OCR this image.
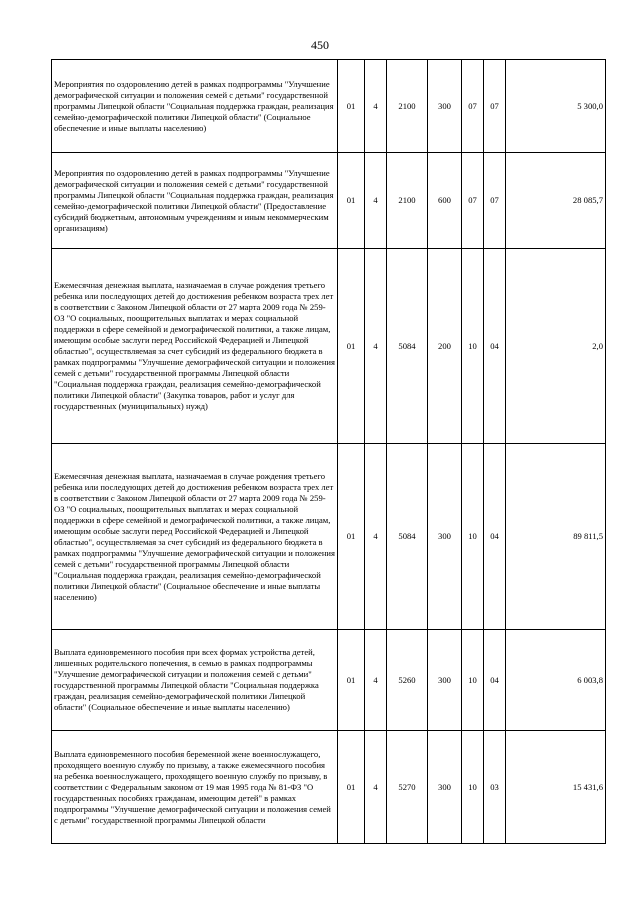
450
Мероприятия по оздоровлению детей в рамках подпрограммы "Улучшение демографической ситуации и положения семей с детьми" государственной программы Липецкой области "Социальная поддержка граждан, реализация семейно-демографической политики Липецкой области" (Социальное обеспечение и иные выплаты населению)	01	4	2100	300	07	07	5 300,0
Мероприятия по оздоровлению детей в рамках подпрограммы "Улучшение демографической ситуации и положения семей с детьми" государственной программы Липецкой области "Социальная поддержка граждан, реализация семейно-демографической политики Липецкой области" (Предоставление субсидий бюджетным, автономным учреждениям и иным некоммерческим организациям)	01	4	2100	600	07	07	28 085,7
Ежемесячная денежная выплата, назначаемая в случае рождения третьего ребенка или последующих детей до достижения ребенком возраста трех лет в соответствии с Законом Липецкой области от 27 марта 2009 года № 259-ОЗ "О социальных, поощрительных выплатах и мерах социальной поддержки в сфере семейной и демографической политики, а также лицам, имеющим особые заслуги перед Российской Федерацией и Липецкой областью", осуществляемая за счет субсидий из федерального бюджета в рамках подпрограммы "Улучшение демографической ситуации и положения семей с детьми" государственной программы Липецкой области "Социальная поддержка граждан, реализация семейно-демографической политики Липецкой области" (Закупка товаров, работ и услуг для государственных (муниципальных) нужд)	01	4	5084	200	10	04	2,0
Ежемесячная денежная выплата, назначаемая в случае рождения третьего ребенка или последующих детей до достижения ребенком возраста трех лет в соответствии с Законом Липецкой области от 27 марта 2009 года № 259-ОЗ "О социальных, поощрительных выплатах и мерах социальной поддержки в сфере семейной и демографической политики, а также лицам, имеющим особые заслуги перед Российской Федерацией и Липецкой областью", осуществляемая за счет субсидий из федерального бюджета в рамках подпрограммы "Улучшение демографической ситуации и положения семей с детьми" государственной программы Липецкой области "Социальная поддержка граждан, реализация семейно-демографической политики Липецкой области" (Социальное обеспечение и иные выплаты населению)	01	4	5084	300	10	04	89 811,5
Выплата единовременного пособия при всех формах устройства детей, лишенных родительского попечения, в семью в рамках подпрограммы "Улучшение демографической ситуации и положения семей с детьми" государственной программы Липецкой области "Социальная поддержка граждан, реализация семейно-демографической политики Липецкой области" (Социальное обеспечение и иные выплаты населению)	01	4	5260	300	10	04	6 003,8
Выплата единовременного пособия беременной жене военнослужащего, проходящего военную службу по призыву, а также ежемесячного пособия на ребенка военнослужащего, проходящего военную службу по призыву, в соответствии с Федеральным законом от 19 мая 1995 года № 81-ФЗ "О государственных пособиях гражданам, имеющим детей" в рамках подпрограммы "Улучшение демографической ситуации и положения семей с детьми" государственной программы Липецкой области	01	4	5270	300	10	03	15 431,6
